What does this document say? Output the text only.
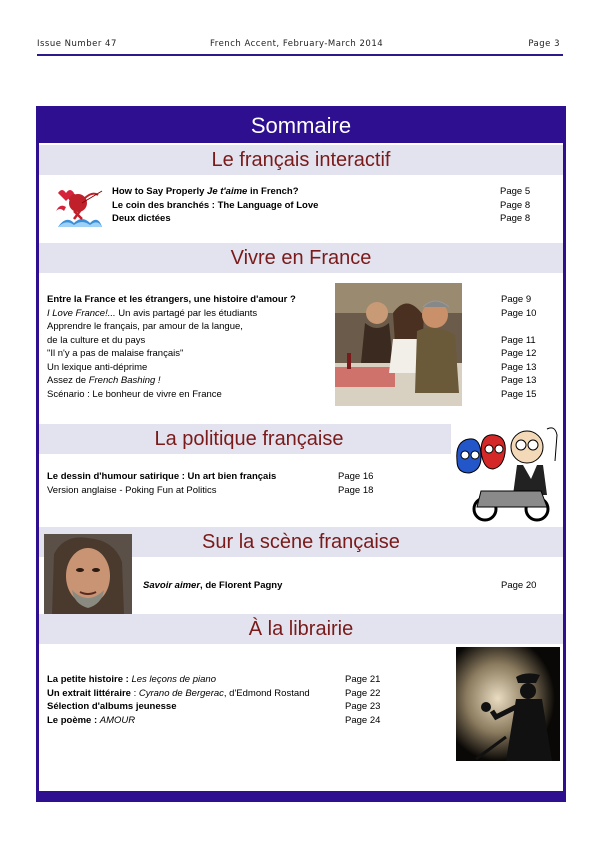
Issue Number 47	French Accent, February-March 2014	Page 3
Sommaire
Le français interactif
How to Say Properly Je t'aime in French?	Page 5
Le coin des branchés : The Language of Love	Page 8
Deux dictées	Page 8
Vivre en France
Entre la France et les étrangers, une histoire d'amour ?	Page 9
I Love France!... Un avis partagé par les étudiants	Page 10
Apprendre le français, par amour de la langue,
de la culture et du pays	Page 11
"Il n'y a pas de malaise français"	Page 12
Un lexique anti-déprime	Page 13
Assez de French Bashing !	Page 13
Scénario : Le bonheur de vivre en France	Page 15
La politique française
Le dessin d'humour satirique : Un art bien français	Page 16
Version anglaise - Poking Fun at Politics	Page 18
Sur la scène française
Savoir aimer, de Florent Pagny	Page 20
À la librairie
La petite histoire : Les leçons de piano	Page 21
Un extrait littéraire : Cyrano de Bergerac, d'Edmond Rostand	Page 22
Sélection d'albums jeunesse	Page 23
Le poème : AMOUR	Page 24
